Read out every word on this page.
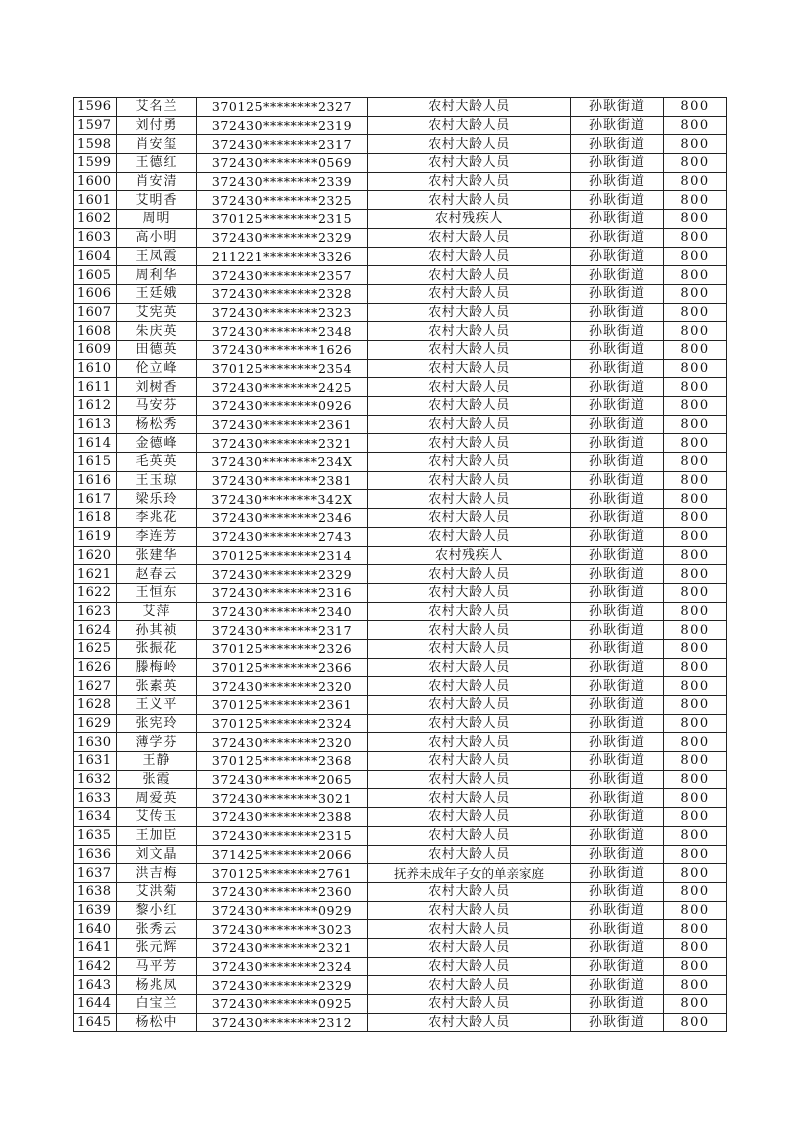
1596	艾名兰	370125********2327	农村大龄人员	孙耿街道	800
1597	刘付勇	372430********2319	农村大龄人员	孙耿街道	800
1598	肖安玺	372430********2317	农村大龄人员	孙耿街道	800
1599	王德红	372430********0569	农村大龄人员	孙耿街道	800
1600	肖安清	372430********2339	农村大龄人员	孙耿街道	800
1601	艾明香	372430********2325	农村大龄人员	孙耿街道	800
1602	周明	370125********2315	农村残疾人	孙耿街道	800
1603	高小明	372430********2329	农村大龄人员	孙耿街道	800
1604	王凤霞	211221********3326	农村大龄人员	孙耿街道	800
1605	周利华	372430********2357	农村大龄人员	孙耿街道	800
1606	王廷娥	372430********2328	农村大龄人员	孙耿街道	800
1607	艾宪英	372430********2323	农村大龄人员	孙耿街道	800
1608	朱庆英	372430********2348	农村大龄人员	孙耿街道	800
1609	田德英	372430********1626	农村大龄人员	孙耿街道	800
1610	伦立峰	370125********2354	农村大龄人员	孙耿街道	800
1611	刘树香	372430********2425	农村大龄人员	孙耿街道	800
1612	马安芬	372430********0926	农村大龄人员	孙耿街道	800
1613	杨松秀	372430********2361	农村大龄人员	孙耿街道	800
1614	金德峰	372430********2321	农村大龄人员	孙耿街道	800
1615	毛英英	372430********234X	农村大龄人员	孙耿街道	800
1616	王玉琼	372430********2381	农村大龄人员	孙耿街道	800
1617	梁乐玲	372430********342X	农村大龄人员	孙耿街道	800
1618	李兆花	372430********2346	农村大龄人员	孙耿街道	800
1619	李连芳	372430********2743	农村大龄人员	孙耿街道	800
1620	张建华	370125********2314	农村残疾人	孙耿街道	800
1621	赵春云	372430********2329	农村大龄人员	孙耿街道	800
1622	王恒东	372430********2316	农村大龄人员	孙耿街道	800
1623	艾萍	372430********2340	农村大龄人员	孙耿街道	800
1624	孙其祯	372430********2317	农村大龄人员	孙耿街道	800
1625	张振花	370125********2326	农村大龄人员	孙耿街道	800
1626	滕梅岭	370125********2366	农村大龄人员	孙耿街道	800
1627	张素英	372430********2320	农村大龄人员	孙耿街道	800
1628	王义平	370125********2361	农村大龄人员	孙耿街道	800
1629	张宪玲	370125********2324	农村大龄人员	孙耿街道	800
1630	薄学芬	372430********2320	农村大龄人员	孙耿街道	800
1631	王静	370125********2368	农村大龄人员	孙耿街道	800
1632	张霞	372430********2065	农村大龄人员	孙耿街道	800
1633	周爱英	372430********3021	农村大龄人员	孙耿街道	800
1634	艾传玉	372430********2388	农村大龄人员	孙耿街道	800
1635	王加臣	372430********2315	农村大龄人员	孙耿街道	800
1636	刘文晶	371425********2066	农村大龄人员	孙耿街道	800
1637	洪吉梅	370125********2761	抚养未成年子女的单亲家庭	孙耿街道	800
1638	艾洪菊	372430********2360	农村大龄人员	孙耿街道	800
1639	黎小红	372430********0929	农村大龄人员	孙耿街道	800
1640	张秀云	372430********3023	农村大龄人员	孙耿街道	800
1641	张元辉	372430********2321	农村大龄人员	孙耿街道	800
1642	马平芳	372430********2324	农村大龄人员	孙耿街道	800
1643	杨兆凤	372430********2329	农村大龄人员	孙耿街道	800
1644	白宝兰	372430********0925	农村大龄人员	孙耿街道	800
1645	杨松中	372430********2312	农村大龄人员	孙耿街道	800
